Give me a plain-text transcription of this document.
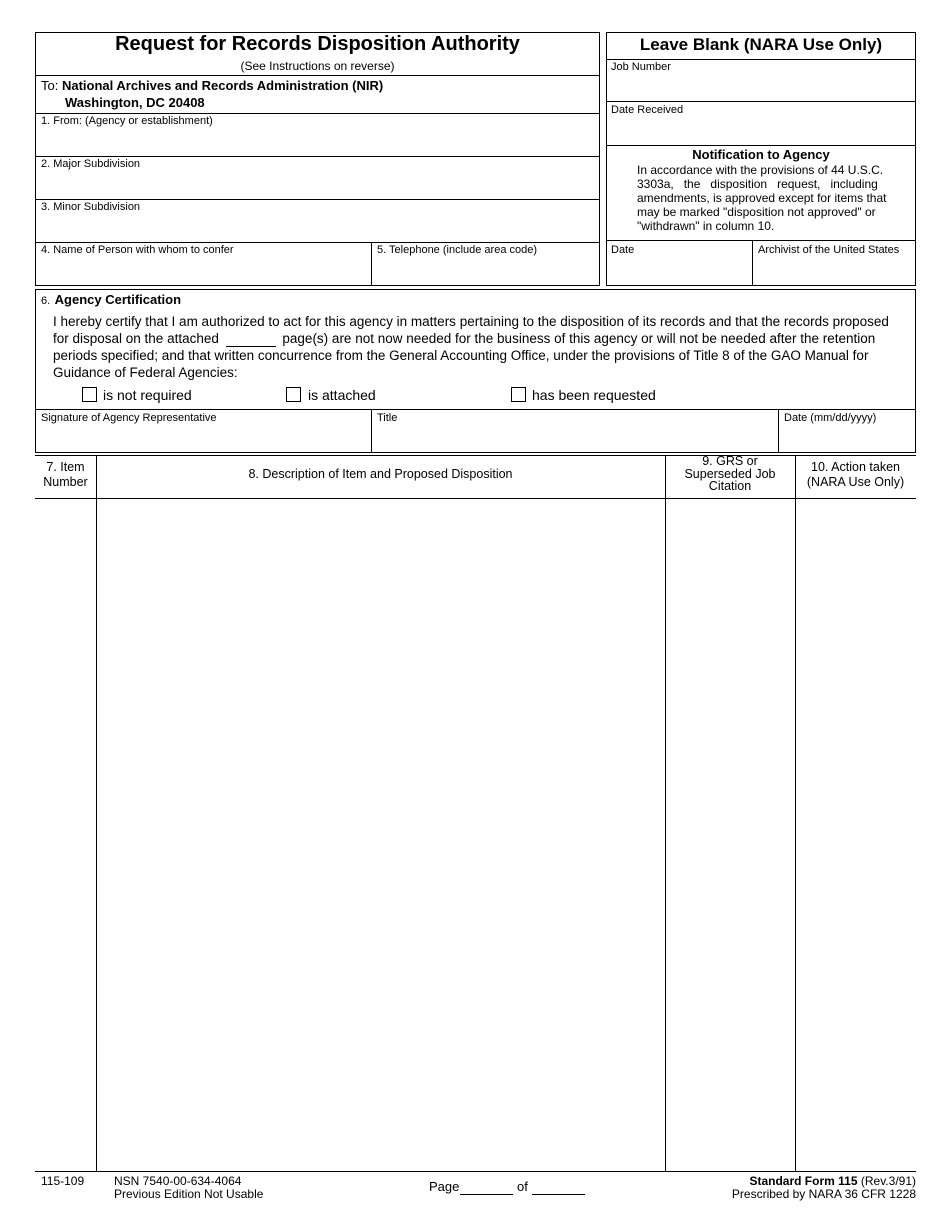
Request for Records Disposition Authority
(See Instructions on reverse)
To: National Archives and Records Administration (NIR)
Washington, DC 20408
1. From: (Agency or establishment)
2. Major Subdivision
3. Minor Subdivision
4. Name of Person with whom to confer	5. Telephone (include area code)
Leave Blank (NARA Use Only)
Job Number
Date Received
Notification to Agency
In accordance with the provisions of 44 U.S.C.
3303a,   the   disposition   request,   including
amendments, is approved except for items that
may be marked "disposition not approved" or
"withdrawn" in column 10.
Date	Archivist of the United States
6. Agency Certification
I hereby certify that I am authorized to act for this agency in matters pertaining to the disposition of its records and that the records proposed
for disposal on the attached	page(s) are not now needed for the business of this agency or will not be needed after the retention
periods specified; and that written concurrence from the General Accounting Office, under the provisions of Title 8 of the GAO Manual for
Guidance of Federal Agencies:
is not required	is attached	has been requested
Signature of Agency Representative	Title	Date (mm/dd/yyyy)
7. Item
Number
8. Description of Item and Proposed Disposition
9. GRS or
Superseded Job
Citation
10. Action taken
(NARA Use Only)
115-109 NSN 7540-00-634-4064
Previous Edition Not Usable	Page	of	Standard Form 115 (Rev.3/91)
Prescribed by NARA 36 CFR 1228
